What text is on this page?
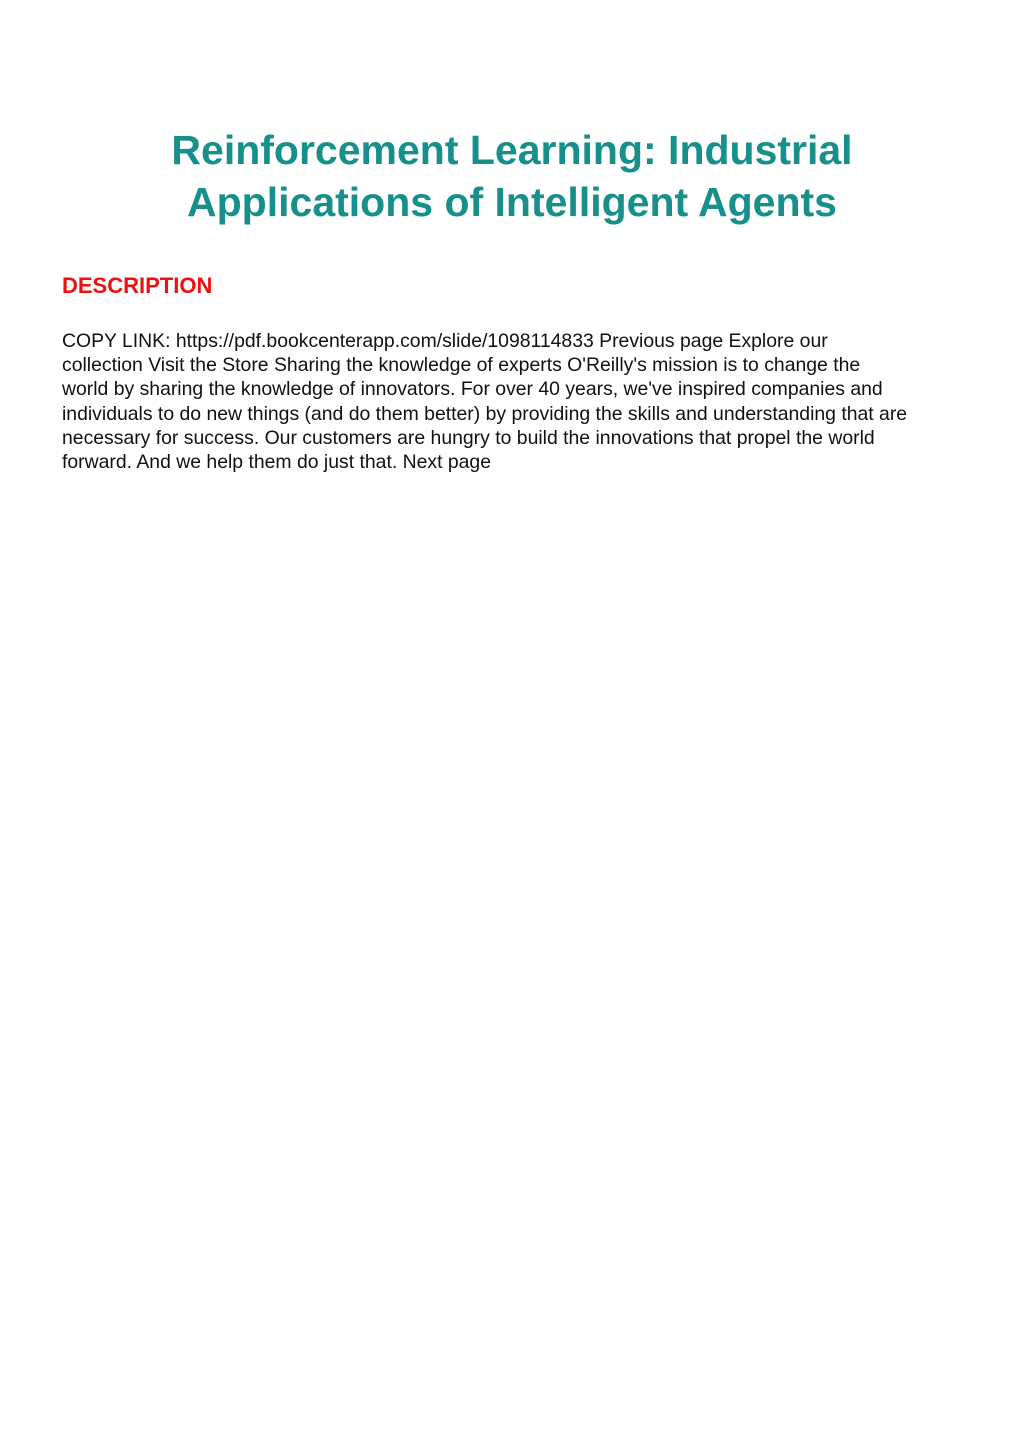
Reinforcement Learning: Industrial
Applications of Intelligent Agents
DESCRIPTION

COPY LINK: https://pdf.bookcenterapp.com/slide/1098114833 Previous page Explore our
collection Visit the Store Sharing the knowledge of experts O'Reilly's mission is to change the
world by sharing the knowledge of innovators. For over 40 years, we've inspired companies and
individuals to do new things (and do them better) by providing the skills and understanding that are
necessary for success. Our customers are hungry to build the innovations that propel the world
forward. And we help them do just that. Next page
